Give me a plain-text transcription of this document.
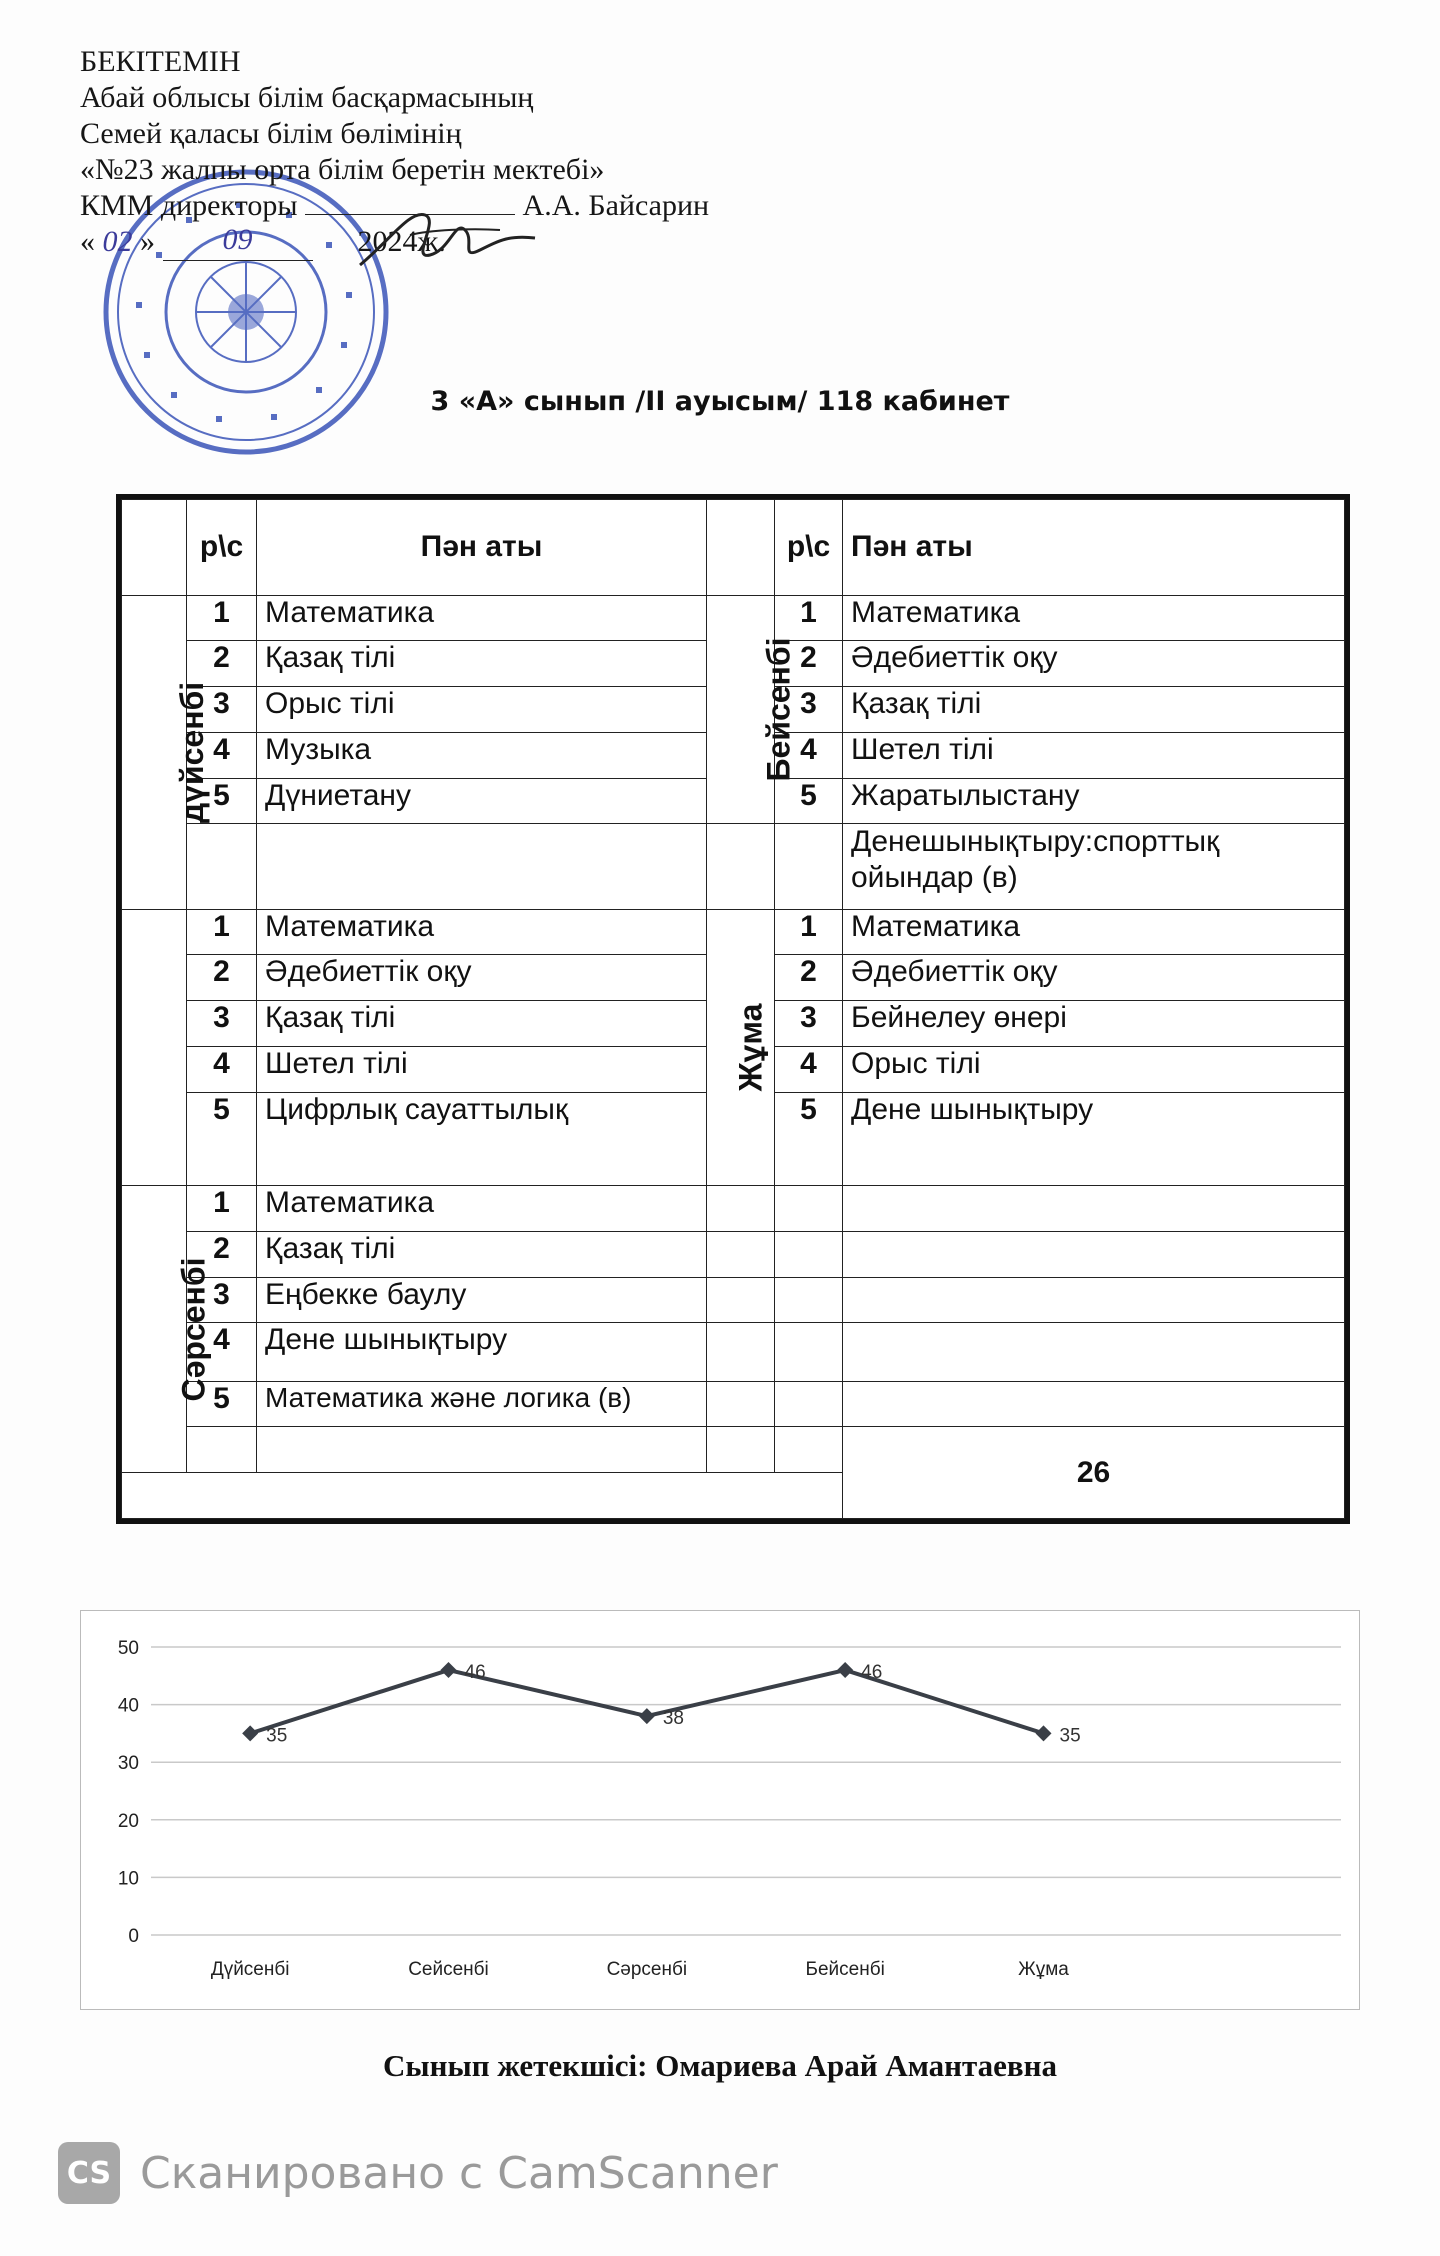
БЕКІТЕМІН
Абай облысы білім басқармасының
Семей қаласы білім бөлімінің
«№23 жалпы орта білім беретін мектебі»
КММ директоры	А.А. Байсарин
« 02 » 09	2024ж.
3 «А» сынып /ІІ ауысым/ 118 кабинет
	р\с	Пән аты		р\с	Пән аты
дүйсенбі	1	Математика	Бейсенбі	1	Математика
	2	Қазақ тілі		2	Әдебиеттік оқу
	3	Орыс тілі		3	Қазақ тілі
	4	Музыка		4	Шетел тілі
	5	Дүниетану		5	Жаратылыстану
					Денешынықтыру:спорттық ойындар (в)
	1	Математика	Жұма	1	Математика
	2	Әдебиеттік оқу		2	Әдебиеттік оқу
	3	Қазақ тілі		3	Бейнелеу өнері
	4	Шетел тілі		4	Орыс тілі
	5	Цифрлық сауаттылық		5	Дене шынықтыру
Сәрсенбі	1	Математика			
	2	Қазақ тілі			
	3	Еңбекке баулу			
	4	Дене шынықтыру			
	5	Математика және логика (в)			
					26

0
10
20
30
40
50
Дүйсенбі	Сейсенбі	Сәрсенбі	Бейсенбі	Жұма
35
46
38
46
35
Сынып жетекшісі: Омариева Арай Амантаевна
CS Сканировано с CamScanner
